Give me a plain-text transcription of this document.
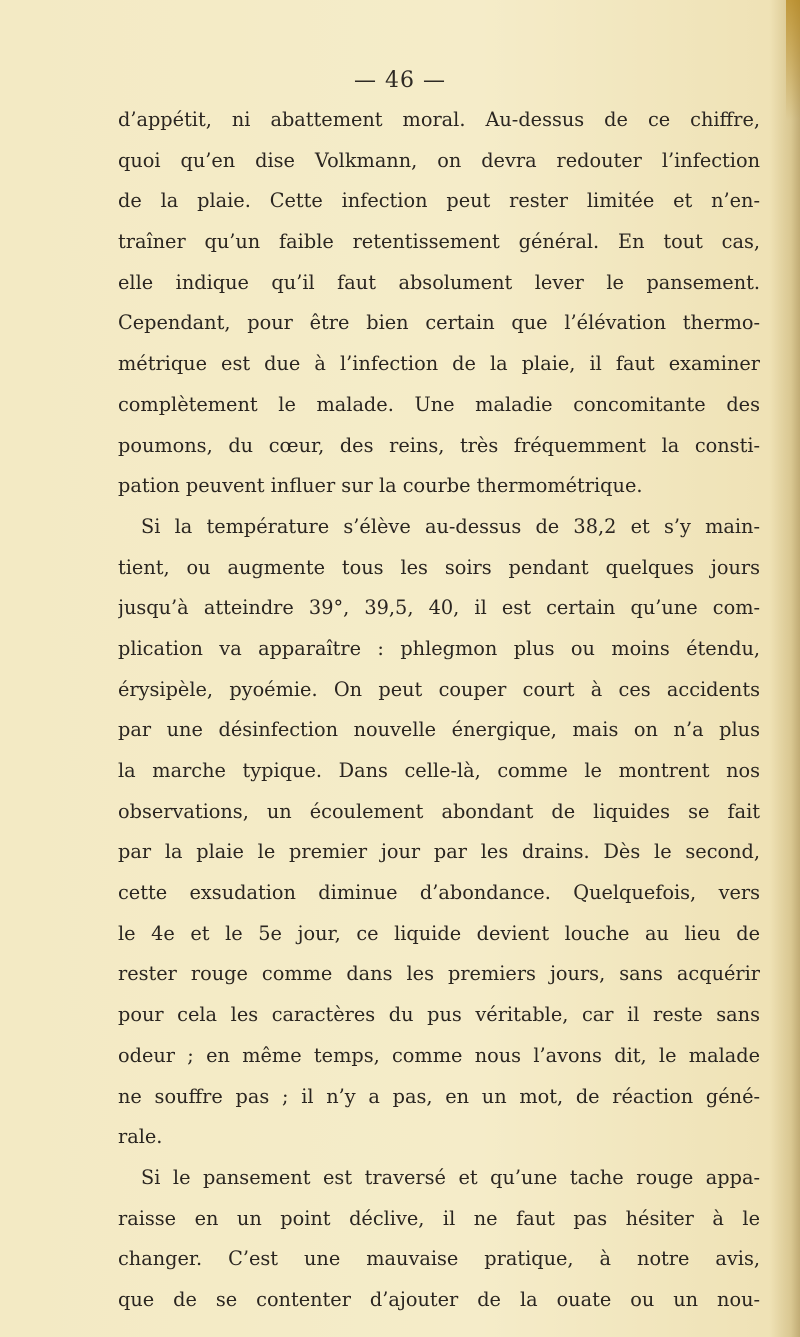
— 46 —
d’appétit, ni abattement moral. Au-dessus de ce chiffre,
quoi qu’en dise Volkmann, on devra redouter l’infection
de la plaie. Cette infection peut rester limitée et n’en-
traîner qu’un faible retentissement général. En tout cas,
elle indique qu’il faut absolument lever le pansement.
Cependant, pour être bien certain que l’élévation thermo-
métrique est due à l’infection de la plaie, il faut examiner
complètement le malade. Une maladie concomitante des
poumons, du cœur, des reins, très fréquemment la consti-
pation peuvent influer sur la courbe thermométrique.
Si la température s’élève au-dessus de 38,2 et s’y main-
tient, ou augmente tous les soirs pendant quelques jours
jusqu’à atteindre 39°, 39,5, 40, il est certain qu’une com-
plication va apparaître : phlegmon plus ou moins étendu,
érysipèle, pyoémie. On peut couper court à ces accidents
par une désinfection nouvelle énergique, mais on n’a plus
la marche typique. Dans celle-là, comme le montrent nos
observations, un écoulement abondant de liquides se fait
par la plaie le premier jour par les drains. Dès le second,
cette exsudation diminue d’abondance. Quelquefois, vers
le 4e et le 5e jour, ce liquide devient louche au lieu de
rester rouge comme dans les premiers jours, sans acquérir
pour cela les caractères du pus véritable, car il reste sans
odeur ; en même temps, comme nous l’avons dit, le malade
ne souffre pas ; il n’y a pas, en un mot, de réaction géné-
rale.
Si le pansement est traversé et qu’une tache rouge appa-
raisse en un point déclive, il ne faut pas hésiter à le
changer. C’est une mauvaise pratique, à notre avis,
que de se contenter d’ajouter de la ouate ou un nou-
